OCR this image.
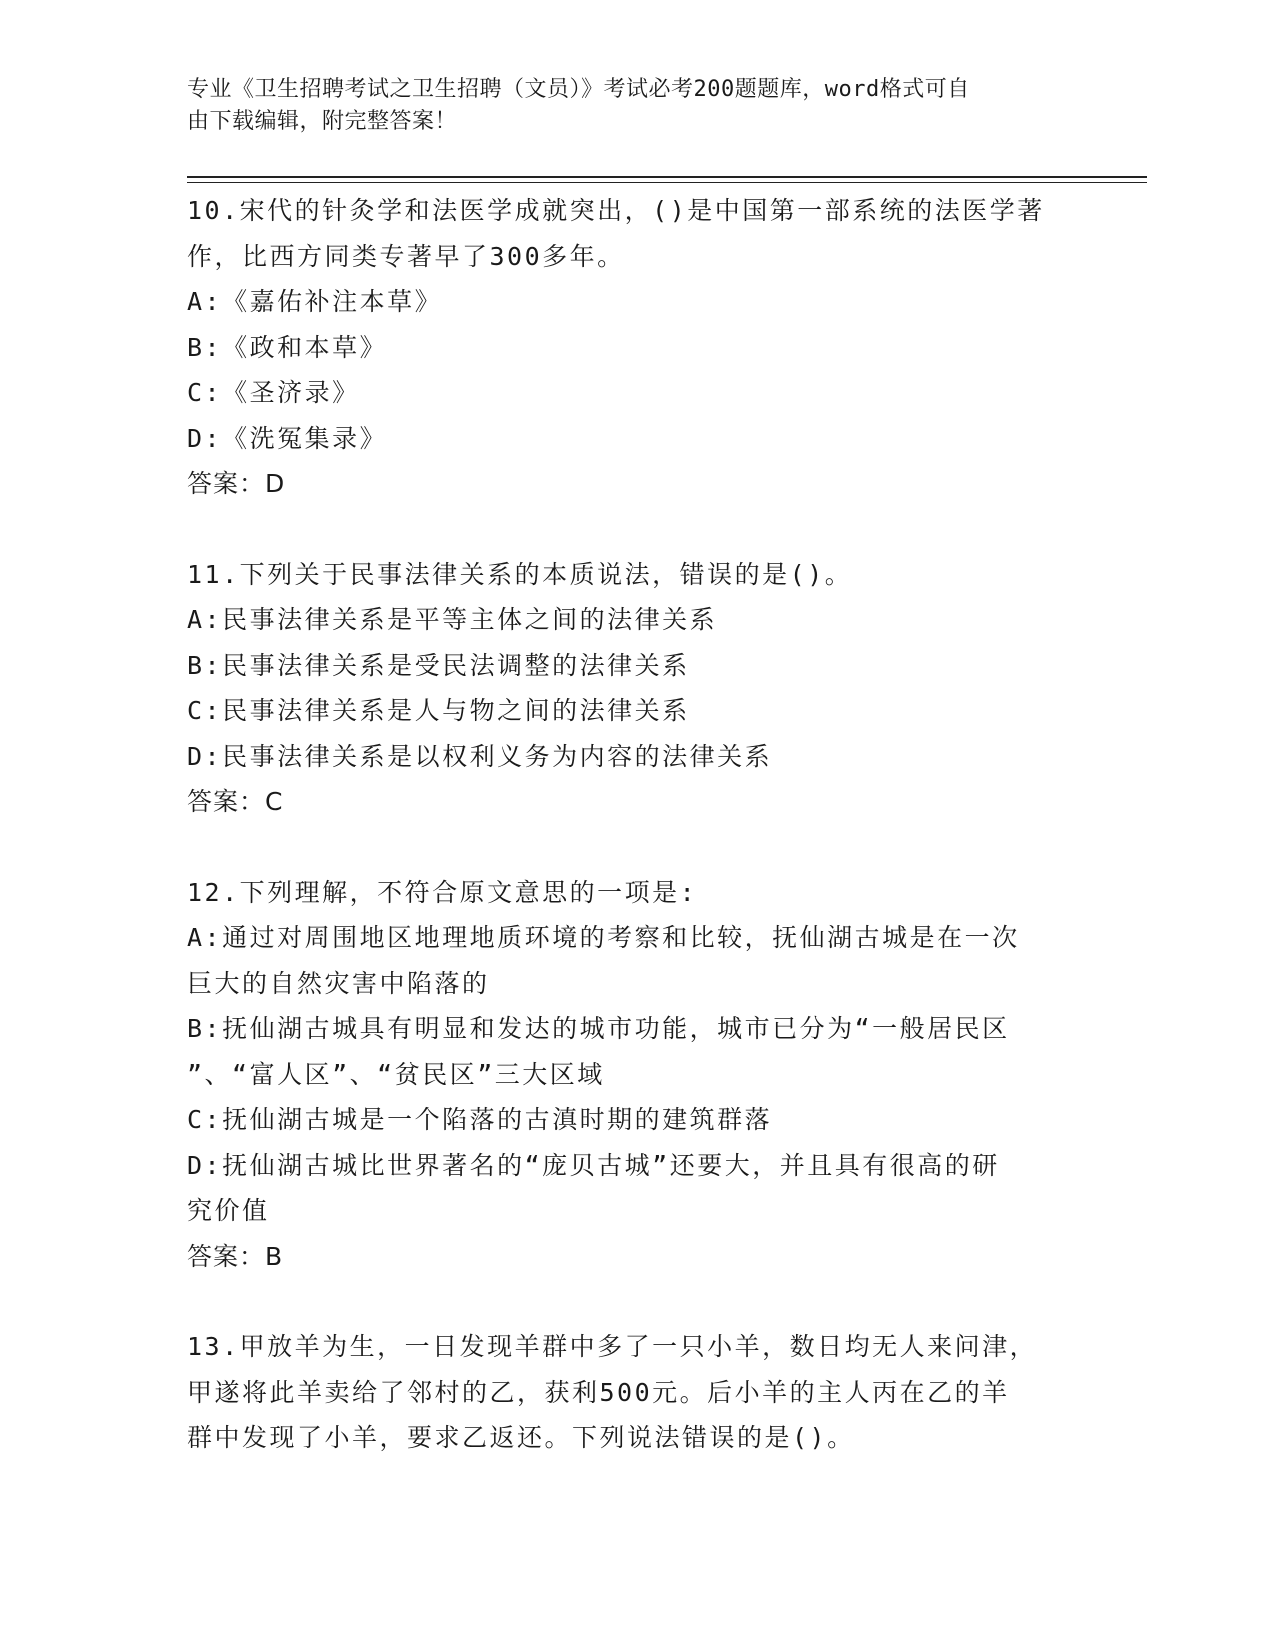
专业《卫生招聘考试之卫生招聘（文员）》考试必考200题题库，word格式可自
由下载编辑，附完整答案！
10.宋代的针灸学和法医学成就突出，()是中国第一部系统的法医学著
作，比西方同类专著早了300多年。
A:《嘉佑补注本草》
B:《政和本草》
C:《圣济录》
D:《洗冤集录》
答案：D
11.下列关于民事法律关系的本质说法，错误的是()。
A:民事法律关系是平等主体之间的法律关系
B:民事法律关系是受民法调整的法律关系
C:民事法律关系是人与物之间的法律关系
D:民事法律关系是以权利义务为内容的法律关系
答案：C
12.下列理解，不符合原文意思的一项是:
A:通过对周围地区地理地质环境的考察和比较，抚仙湖古城是在一次
巨大的自然灾害中陷落的
B:抚仙湖古城具有明显和发达的城市功能，城市已分为“一般居民区
”、“富人区”、“贫民区”三大区域
C:抚仙湖古城是一个陷落的古滇时期的建筑群落
D:抚仙湖古城比世界著名的“庞贝古城”还要大，并且具有很高的研
究价值
答案：B
13.甲放羊为生，一日发现羊群中多了一只小羊，数日均无人来问津，
甲遂将此羊卖给了邻村的乙，获利500元。后小羊的主人丙在乙的羊
群中发现了小羊，要求乙返还。下列说法错误的是()。
